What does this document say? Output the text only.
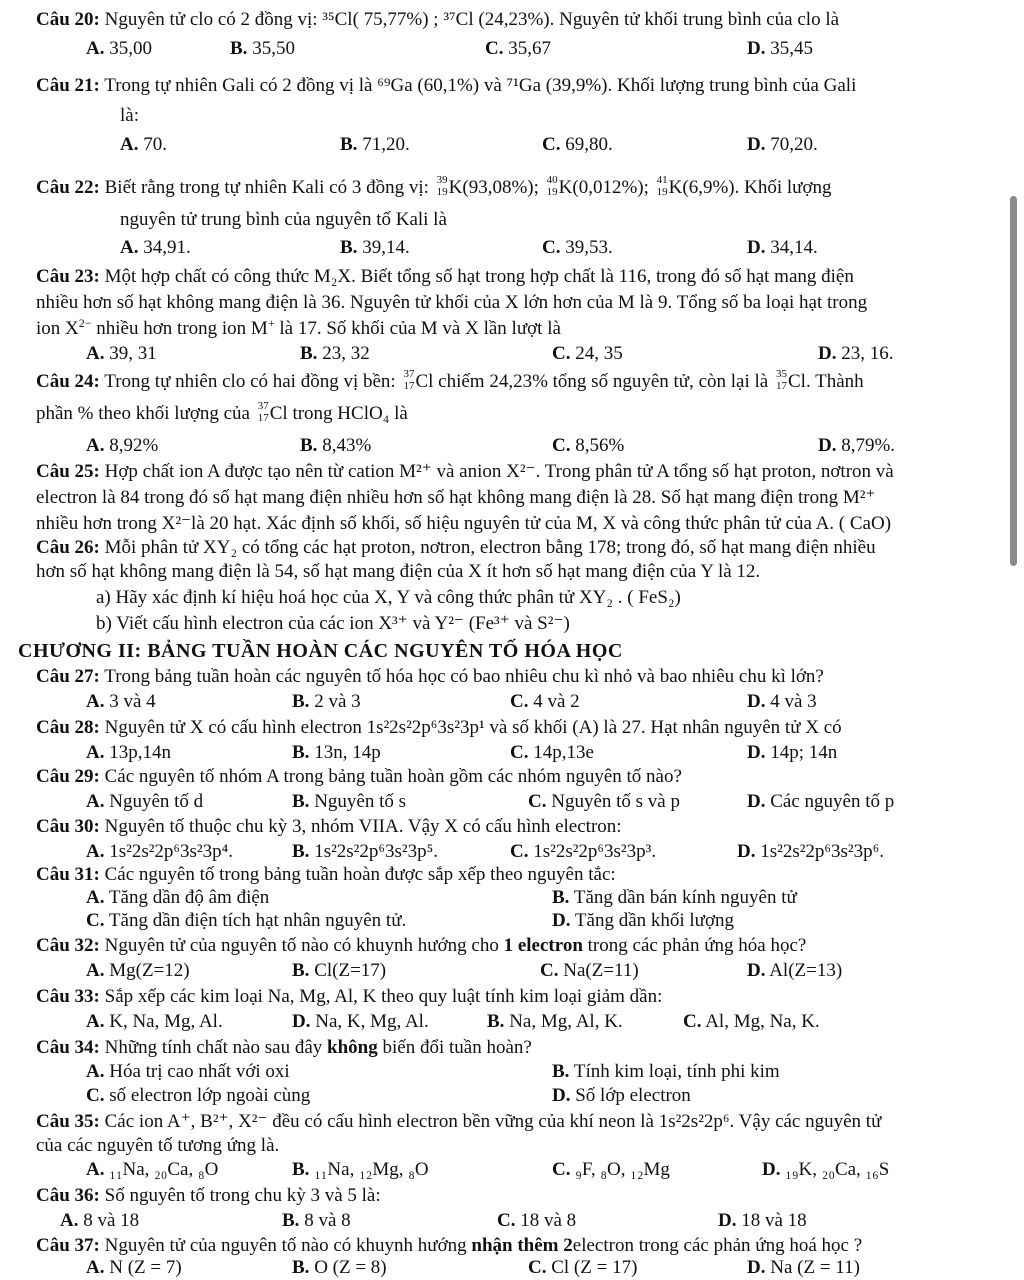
Câu 20: Nguyên tử clo có 2 đồng vị: ³⁵Cl( 75,77%) ; ³⁷Cl (24,23%). Nguyên tử khối trung bình của clo là
A. 35,00	B. 35,50	C. 35,67	D. 35,45
Câu 21: Trong tự nhiên Gali có 2 đồng vị là ⁶⁹Ga (60,1%) và ⁷¹Ga (39,9%). Khối lượng trung bình của Gali
là:
A. 70.	B. 71,20.	C. 69,80.	D. 70,20.
Câu 22: Biết rằng trong tự nhiên Kali có 3 đồng vị: 39
19 K(93,08%); 40
19 K(0,012%); 41
19 K(6,9%). Khối lượng
nguyên tử trung bình của nguyên tố Kali là
A. 34,91.	B. 39,14.	C. 39,53.	D. 34,14.
Câu 23: Một hợp chất có công thức M₂X. Biết tổng số hạt trong hợp chất là 116, trong đó số hạt mang điện
nhiều hơn số hạt không mang điện là 36. Nguyên tử khối của X lớn hơn của M là 9. Tổng số ba loại hạt trong
ion $X^{2-}$ nhiều hơn trong ion M+ là 17. Số khối của M và X lần lượt là
A. 39, 31	B. 23, 32	C. 24, 35	D. 23, 16.
Câu 24: Trong tự nhiên clo có hai đồng vị bền: 37
17 Cl chiếm 24,23% tổng số nguyên tử, còn lại là 35
17 Cl. Thành
phần % theo khối lượng của 37
17 Cl trong HClO₄ là
A. 8,92%	B. 8,43%	C. 8,56%	D. 8,79%.
Câu 25: Hợp chất ion A được tạo nên từ cation M²⁺ và anion X²⁻. Trong phân tử A tổng số hạt proton, nơtron và
electron là 84 trong đó số hạt mang điện nhiều hơn số hạt không mang điện là 28. Số hạt mang điện trong M²⁺
nhiều hơn trong X²⁻là 20 hạt. Xác định số khối, số hiệu nguyên tử của M, X và công thức phân tử của A. ( CaO)
Câu 26: Mỗi phân tử XY₂ có tổng các hạt proton, nơtron, electron bằng 178; trong đó, số hạt mang điện nhiều
hơn số hạt không mang điện là 54, số hạt mang điện của X ít hơn số hạt mang điện của Y là 12.
a) Hãy xác định kí hiệu hoá học của X, Y và công thức phân tử XY₂ . ( FeS₂)
b) Viết cấu hình electron của các ion X³⁺ và Y²⁻ (Fe³⁺ và S²⁻)
CHƯƠNG II: BẢNG TUẦN HOÀN CÁC NGUYÊN TỐ HÓA HỌC
Câu 27: Trong bảng tuần hoàn các nguyên tố hóa học có bao nhiêu chu kì nhỏ và bao nhiêu chu kì lớn?
A. 3 và 4	B. 2 và 3	C. 4 và 2	D. 4 và 3
Câu 28: Nguyên tử X có cấu hình electron 1s²2s²2p⁶3s²3p¹ và số khối (A) là 27. Hạt nhân nguyên tử X có
A. 13p,14n	B. 13n, 14p	C. 14p,13e	D. 14p; 14n
Câu 29: Các nguyên tố nhóm A trong bảng tuần hoàn gồm các nhóm nguyên tố nào?
A. Nguyên tố d	B. Nguyên tố s	C. Nguyên tố s và p	D. Các nguyên tố p
Câu 30: Nguyên tố thuộc chu kỳ 3, nhóm VIIA. Vậy X có cấu hình electron:
A. 1s²2s²2p⁶3s²3p⁴.	B. 1s²2s²2p⁶3s²3p⁵.	C. 1s²2s²2p⁶3s²3p³.	D. 1s²2s²2p⁶3s²3p⁶.
Câu 31: Các nguyên tố trong bảng tuần hoàn được sắp xếp theo nguyên tắc:
A. Tăng dần độ âm điện	B. Tăng dần bán kính nguyên tử
C. Tăng dần điện tích hạt nhân nguyên tử.	D. Tăng dần khối lượng
Câu 32: Nguyên tử của nguyên tố nào có khuynh hướng cho 1 electron trong các phản ứng hóa học?
A. Mg(Z=12)	B. Cl(Z=17)	C. Na(Z=11)	D. Al(Z=13)
Câu 33: Sắp xếp các kim loại Na, Mg, Al, K theo quy luật tính kim loại giảm dần:
A. K, Na, Mg, Al.	D. Na, K, Mg, Al.	B. Na, Mg, Al, K.	C. Al, Mg, Na, K.
Câu 34: Những tính chất nào sau đây không biến đổi tuần hoàn?
A. Hóa trị cao nhất với oxi	B. Tính kim loại, tính phi kim
C. số electron lớp ngoài cùng	D. Số lớp electron
Câu 35: Các ion A⁺, B²⁺, X²⁻ đều có cấu hình electron bền vững của khí neon là 1s²2s²2p⁶. Vậy các nguyên tử
của các nguyên tố tương ứng là.
A. ₁₁Na, ₂₀Ca, ₈O	B. ₁₁Na, ₁₂Mg, ₈O	C. ₉F, ₈O, ₁₂Mg	D. ₁₉K, ₂₀Ca, ₁₆S
Câu 36: Số nguyên tố trong chu kỳ 3 và 5 là:
A. 8 và 18	B. 8 và 8	C. 18 và 8	D. 18 và 18
Câu 37: Nguyên tử của nguyên tố nào có khuynh hướng nhận thêm 2electron trong các phản ứng hoá học ?
A. N (Z = 7)	B. O (Z = 8)	C. Cl (Z = 17)	D. Na (Z = 11)
